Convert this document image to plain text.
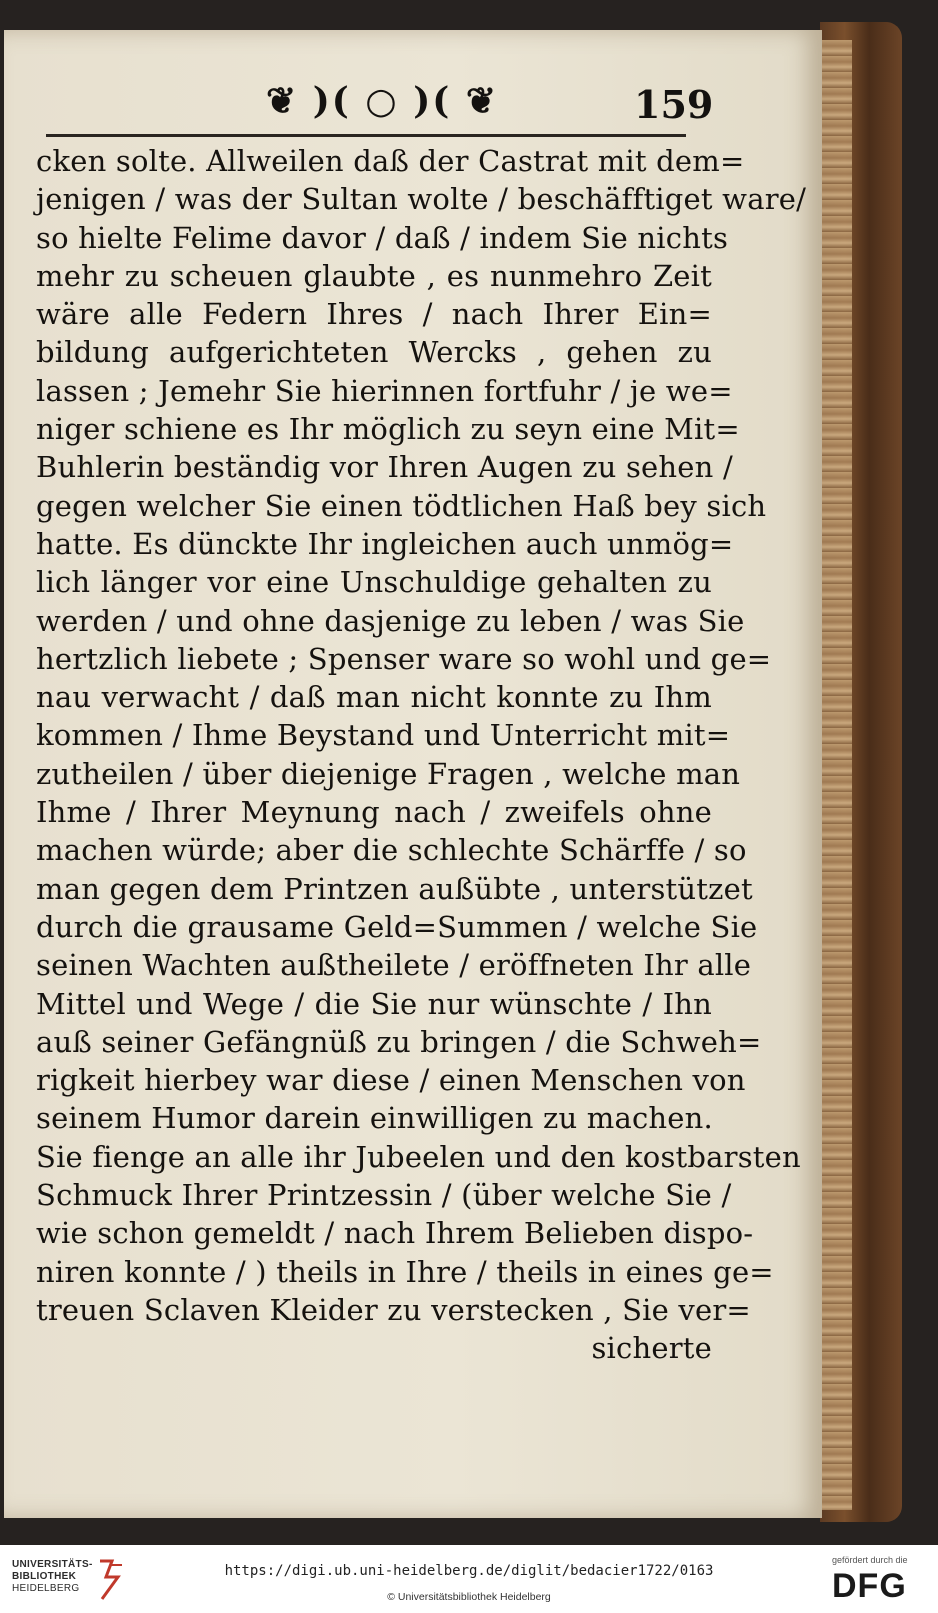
❦ )( ○ )( ❦	159
cken solte. Allweilen daß der Castrat mit dem=
jenigen / was der Sultan wolte / beschäfftiget ware/
so hielte Felime davor / daß / indem Sie nichts
mehr zu scheuen glaubte , es nunmehro Zeit
wäre alle Federn Ihres / nach Ihrer Ein=
bildung aufgerichteten Wercks , gehen zu
lassen ; Jemehr Sie hierinnen fortfuhr / je we=
niger schiene es Ihr möglich zu seyn eine Mit=
Buhlerin beständig vor Ihren Augen zu sehen /
gegen welcher Sie einen tödtlichen Haß bey sich
hatte. Es dünckte Ihr ingleichen auch unmög=
lich länger vor eine Unschuldige gehalten zu
werden / und ohne dasjenige zu leben / was Sie
hertzlich liebete ; Spenser ware so wohl und ge=
nau verwacht / daß man nicht konnte zu Ihm
kommen / Ihme Beystand und Unterricht mit=
zutheilen / über diejenige Fragen , welche man
Ihme / Ihrer Meynung nach / zweifels ohne
machen würde; aber die schlechte Schärffe / so
man gegen dem Printzen außübte , unterstützet
durch die grausame Geld=Summen / welche Sie
seinen Wachten außtheilete / eröffneten Ihr alle
Mittel und Wege / die Sie nur wünschte / Ihn
auß seiner Gefängnüß zu bringen / die Schweh=
rigkeit hierbey war diese / einen Menschen von
seinem Humor darein einwilligen zu machen.
Sie fienge an alle ihr Jubeelen und den kostbarsten
Schmuck Ihrer Printzessin / (über welche Sie /
wie schon gemeldt / nach Ihrem Belieben dispo-
niren konnte / ) theils in Ihre / theils in eines ge=
treuen Sclaven Kleider zu verstecken , Sie ver=
sicherte
UNIVERSITÄTS-
BIBLIOTHEK
HEIDELBERG
https://digi.ub.uni-heidelberg.de/diglit/bedacier1722/0163
© Universitätsbibliothek Heidelberg
gefördert durch die
DFG
